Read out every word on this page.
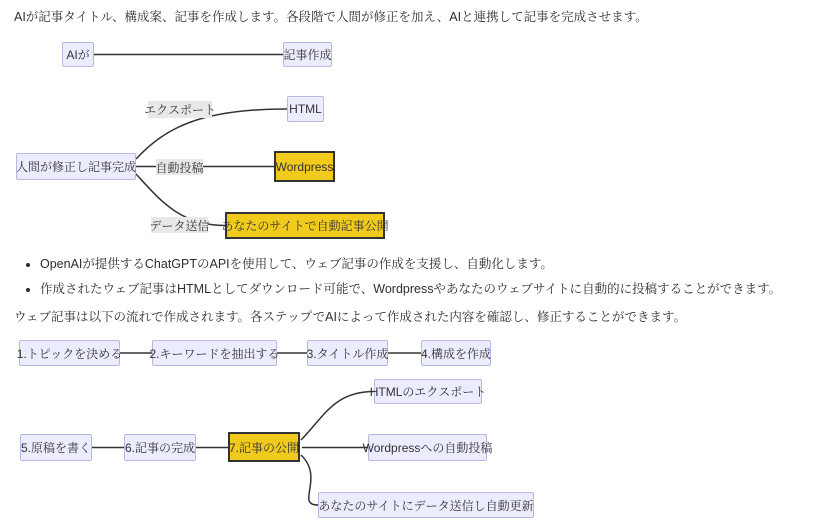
AIが記事タイトル、構成案、記事を作成します。各段階で人間が修正を加え、AIと連携して記事を完成させます。
AIが	記事作成
人間が修正し記事完成
エクスポート	HTML
自動投稿	Wordpress
データ送信 あなたのサイトで自動記事公開
• OpenAIが提供するChatGPTのAPIを使用して、ウェブ記事の作成を支援し、自動化します。
• 作成されたウェブ記事はHTMLとしてダウンロード可能で、Wordpressやあなたのウェブサイトに自動的に投稿することができます。
ウェブ記事は以下の流れで作成されます。各ステップでAIによって作成された内容を確認し、修正することができます。
1.トピックを決める 2.キーワードを抽出する 3.タイトル作成	4.構成を作成
5.原稿を書く	6.記事の完成	7.記事の公開
HTMLのエクスポート
Wordpressへの自動投稿
あなたのサイトにデータ送信し自動更新
